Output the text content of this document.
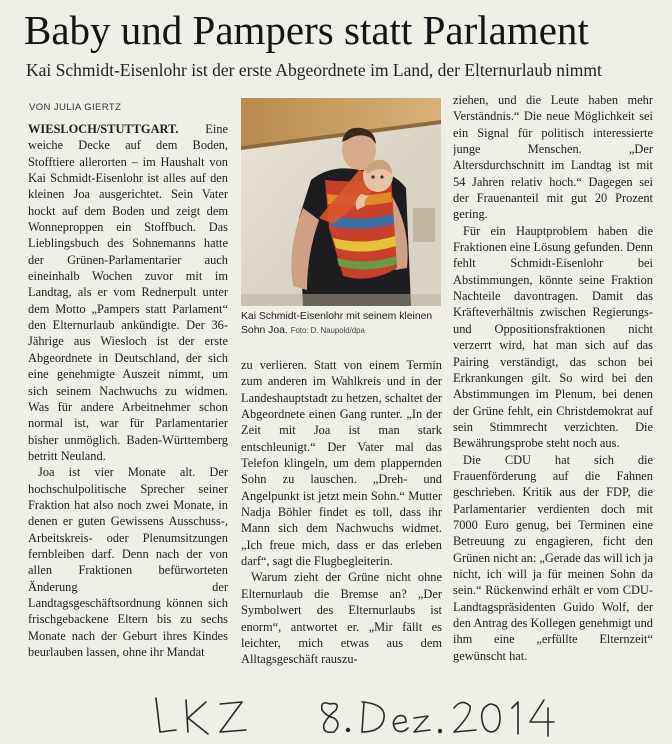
Baby und Pampers statt Parlament
Kai Schmidt-Eisenlohr ist der erste Abgeordnete im Land, der Elternurlaub nimmt
VON JULIA GIERTZ

WIESLOCH/STUTTGART. Eine weiche Decke auf dem Boden, Stofftiere allerorten – im Haushalt von Kai Schmidt-Eisenlohr ist alles auf den kleinen Joa ausgerichtet. Sein Vater hockt auf dem Boden und zeigt dem Wonneproppen ein Stoffbuch. Das Lieblingsbuch des Sohnemanns hatte der Grünen-Parlamentarier auch eineinhalb Wochen zuvor mit im Landtag, als er vom Rednerpult unter dem Motto „Pampers statt Parlament“ den Elternurlaub ankündigte. Der 36-Jährige aus Wiesloch ist der erste Abgeordnete in Deutschland, der sich eine genehmigte Auszeit nimmt, um sich seinem Nachwuchs zu widmen. Was für andere Arbeitnehmer schon normal ist, war für Parlamentarier bisher unmöglich. Baden-Württemberg betritt Neuland.

Joa ist vier Monate alt. Der hochschulpolitische Sprecher seiner Fraktion hat also noch zwei Monate, in denen er guten Gewissens Ausschuss-, Arbeitskreis- oder Plenumsitzungen fernbleiben darf. Denn nach der von allen Fraktionen befürworteten Änderung der Landtagsgeschäftsordnung können sich frischgebackene Eltern bis zu sechs Monate nach der Geburt ihres Kindes beurlauben lassen, ohne ihr Mandat

Kai Schmidt-Eisenlohr mit seinem kleinen Sohn Joa. Foto: D. Naupold/dpa

zu verlieren. Statt von einem Termin zum anderen im Wahlkreis und in der Landeshauptstadt zu hetzen, schaltet der Abgeordnete einen Gang runter. „In der Zeit mit Joa ist man stark entschleunigt.“ Der Vater mal das Telefon klingeln, um dem plappernden Sohn zu lauschen. „Dreh- und Angelpunkt ist jetzt mein Sohn.“ Mutter Nadja Böhler findet es toll, dass ihr Mann sich dem Nachwuchs widmet. „Ich freue mich, dass er das erleben darf“, sagt die Flugbegleiterin.

Warum zieht der Grüne nicht ohne Elternurlaub die Bremse an? „Der Symbolwert des Elternurlaubs ist enorm“, antwortet er. „Mir fällt es leichter, mich etwas aus dem Alltagsgeschäft rauszu-

ziehen, und die Leute haben mehr Verständnis.“ Die neue Möglichkeit sei ein Signal für politisch interessierte junge Menschen. „Der Altersdurchschnitt im Landtag ist mit 54 Jahren relativ hoch.“ Dagegen sei der Frauenanteil mit gut 20 Prozent gering.

Für ein Hauptproblem haben die Fraktionen eine Lösung gefunden. Denn fehlt Schmidt-Eisenlohr bei Abstimmungen, könnte seine Fraktion Nachteile davontragen. Damit das Kräfteverhältnis zwischen Regierungs- und Oppositionsfraktionen nicht verzerrt wird, hat man sich auf das Pairing verständigt, das schon bei Erkrankungen gilt. So wird bei den Abstimmungen im Plenum, bei denen der Grüne fehlt, ein Christdemokrat auf sein Stimmrecht verzichten. Die Bewährungsprobe steht noch aus.

Die CDU hat sich die Frauenförderung auf die Fahnen geschrieben. Kritik aus der FDP, die Parlamentarier verdienten doch mit 7000 Euro genug, bei Terminen eine Betreuung zu engagieren, ficht den Grünen nicht an: „Gerade das will ich ja nicht, ich will ja für meinen Sohn da sein.“ Rückenwind erhält er vom CDU-Landtagspräsidenten Guido Wolf, der den Antrag des Kollegen genehmigt und ihm eine „erfüllte Elternzeit“ gewünscht hat.
